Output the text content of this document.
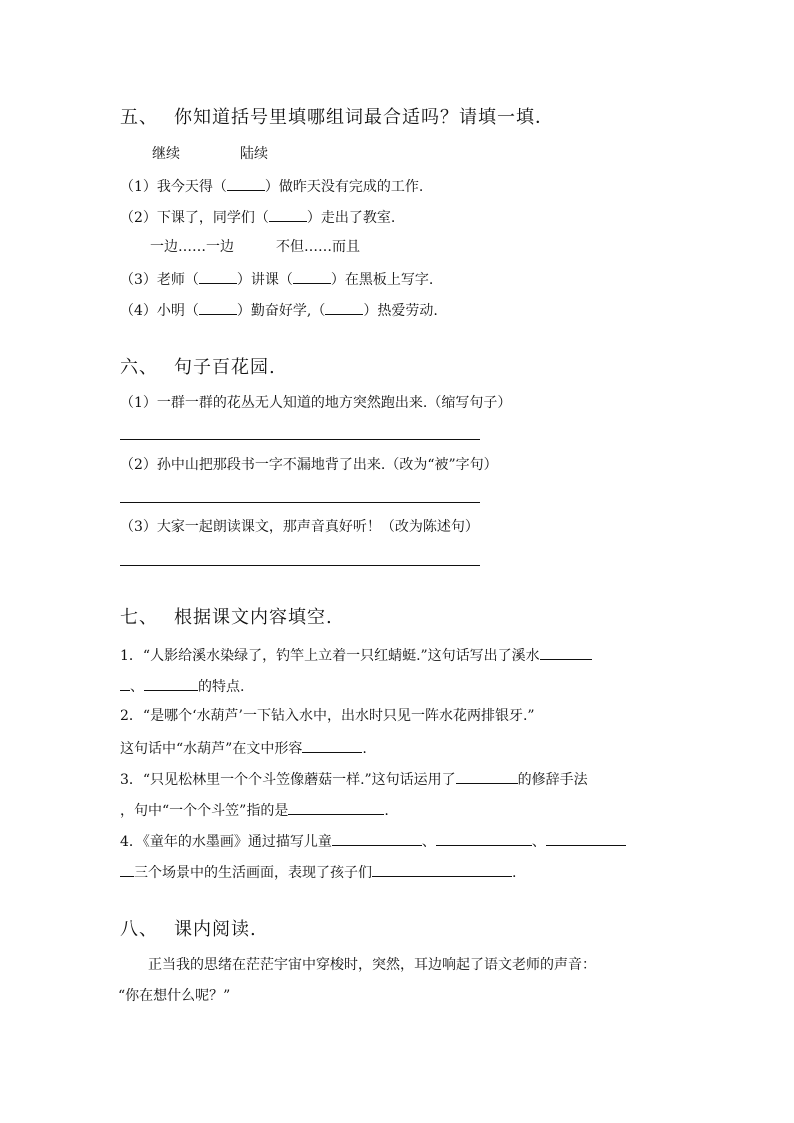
五、 你知道括号里填哪组词最合适吗？请填一填．
继续	陆续
（1）我今天得（	）做昨天没有完成的工作.
（2）下课了，同学们（	）走出了教室.
一边……一边	不但……而且
（3）老师（	）讲课（	）在黑板上写字.
（4）小明（	）勤奋好学,（	）热爱劳动.
六、 句子百花园.
（1）一群一群的花丛无人知道的地方突然跑出来.（缩写句子）
（2）孙中山把那段书一字不漏地背了出来.（改为“被”字句）
（3）大家一起朗读课文，那声音真好听！（改为陈述句）
七、 根据课文内容填空.
1．“人影给溪水染绿了，钓竿上立着一只红蜻蜓.”这句话写出了溪水
、	的特点.
2．“是哪个‘水葫芦’一下钻入水中，出水时只见一阵水花两排银牙.”
这句话中“水葫芦”在文中形容	.
3．“只见松林里一个个斗笠像蘑菇一样.”这句话运用了	的修辞手法
，句中“一个个斗笠”指的是	.
4．《童年的水墨画》通过描写儿童	、	、
三个场景中的生活画面，表现了孩子们	.
八、 课内阅读.
正当我的思绪在茫茫宇宙中穿梭时，突然，耳边响起了语文老师的声音：
“你在想什么呢？”
